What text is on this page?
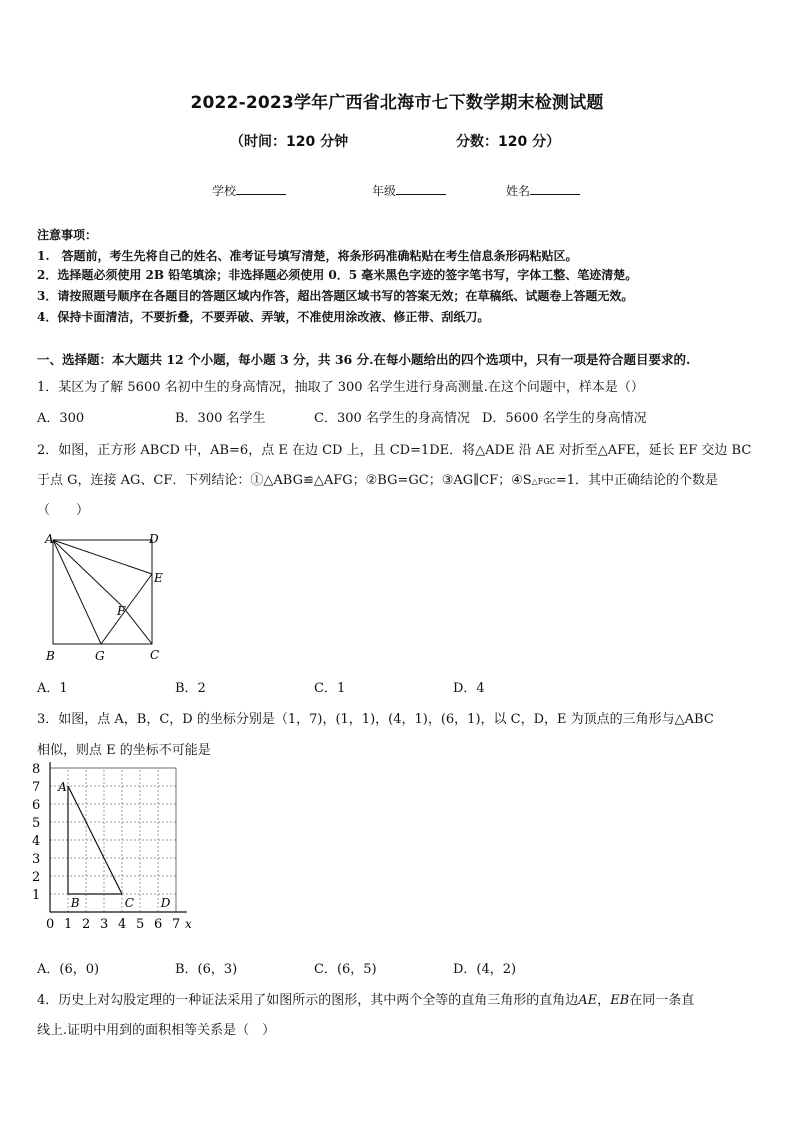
2022-2023学年广西省北海市七下数学期末检测试题
（时间：120 分钟	分数：120 分）
学校	年级	姓名
注意事项：
1.　答题前，考生先将自己的姓名、准考证号填写清楚，将条形码准确粘贴在考生信息条形码粘贴区。
2．选择题必须使用 2B 铅笔填涂；非选择题必须使用 0．5 毫米黑色字迹的签字笔书写，字体工整、笔迹清楚。
3．请按照题号顺序在各题目的答题区域内作答，超出答题区域书写的答案无效；在草稿纸、试题卷上答题无效。
4．保持卡面清洁，不要折叠，不要弄破、弄皱，不准使用涂改液、修正带、刮纸刀。
一、选择题：本大题共 12 个小题，每小题 3 分，共 36 分.在每小题给出的四个选项中，只有一项是符合题目要求的.
1．某区为了解 5600 名初中生的身高情况，抽取了 300 名学生进行身高测量.在这个问题中，样本是（）
A．300	B．300 名学生	C．300 名学生的身高情况 D．5600 名学生的身高情况
2．如图，正方形 ABCD 中，AB=6，点 E 在边 CD 上，且 CD=1DE．将△ADE 沿 AE 对折至△AFE，延长 EF 交边 BC
于点 G，连接 AG、CF．下列结论：①△ABG≌△AFG；②BG=GC；③AG∥CF；④S△FGC=1．其中正确结论的个数是
（　　）
A	D
E
F
B	G	C
A．1	B．2	C．1	D．4
3．如图，点 A，B，C，D 的坐标分别是（1，7)，(1，1)，(4，1)，(6，1)，以 C，D，E 为顶点的三角形与△ABC
相似，则点 E 的坐标不可能是
0 1 2 3 4 5 6 7
1
2
3
4
5
6
7
8
A
B	C D
x
A．(6，0)	B．(6，3)	C．(6，5)	D．(4，2)
4．历史上对勾股定理的一种证法采用了如图所示的图形，其中两个全等的直角三角形的直角边AE，EB在同一条直
线上.证明中用到的面积相等关系是（　）
